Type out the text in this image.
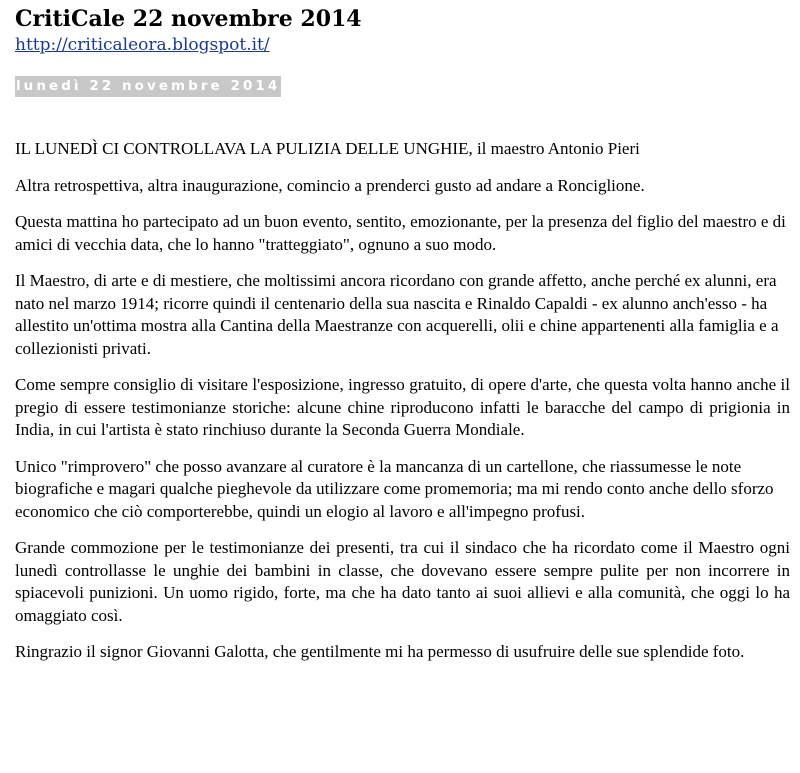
CritiCale 22 novembre 2014
http://criticaleora.blogspot.it/
lunedì 22 novembre 2014

IL LUNEDÌ CI CONTROLLAVA LA PULIZIA DELLE UNGHIE, il maestro Antonio Pieri

Altra retrospettiva, altra inaugurazione, comincio a prenderci gusto ad andare a Ronciglione.

Questa mattina ho partecipato ad un buon evento, sentito, emozionante, per la presenza del figlio del maestro e di amici di vecchia data, che lo hanno "tratteggiato", ognuno a suo modo.

Il Maestro, di arte e di mestiere, che moltissimi ancora ricordano con grande affetto, anche perché ex alunni, era nato nel marzo 1914; ricorre quindi il centenario della sua nascita e Rinaldo Capaldi - ex alunno anch'esso - ha allestito un'ottima mostra alla Cantina della Maestranze con acquerelli, olii e chine appartenenti alla famiglia e a collezionisti privati.

Come sempre consiglio di visitare l'esposizione, ingresso gratuito, di opere d'arte, che questa volta hanno anche il pregio di essere testimonianze storiche: alcune chine riproducono infatti le baracche del campo di prigionia in India, in cui l'artista è stato rinchiuso durante la Seconda Guerra Mondiale.

Unico "rimprovero" che posso avanzare al curatore è la mancanza di un cartellone, che riassumesse le note biografiche e magari qualche pieghevole da utilizzare come promemoria; ma mi rendo conto anche dello sforzo economico che ciò comporterebbe, quindi un elogio al lavoro e all'impegno profusi.

Grande commozione per le testimonianze dei presenti, tra cui il sindaco che ha ricordato come il Maestro ogni lunedì controllasse le unghie dei bambini in classe, che dovevano essere sempre pulite per non incorrere in spiacevoli punizioni. Un uomo rigido, forte, ma che ha dato tanto ai suoi allievi e alla comunità, che oggi lo ha omaggiato così.

Ringrazio il signor Giovanni Galotta, che gentilmente mi ha permesso di usufruire delle sue splendide foto.
